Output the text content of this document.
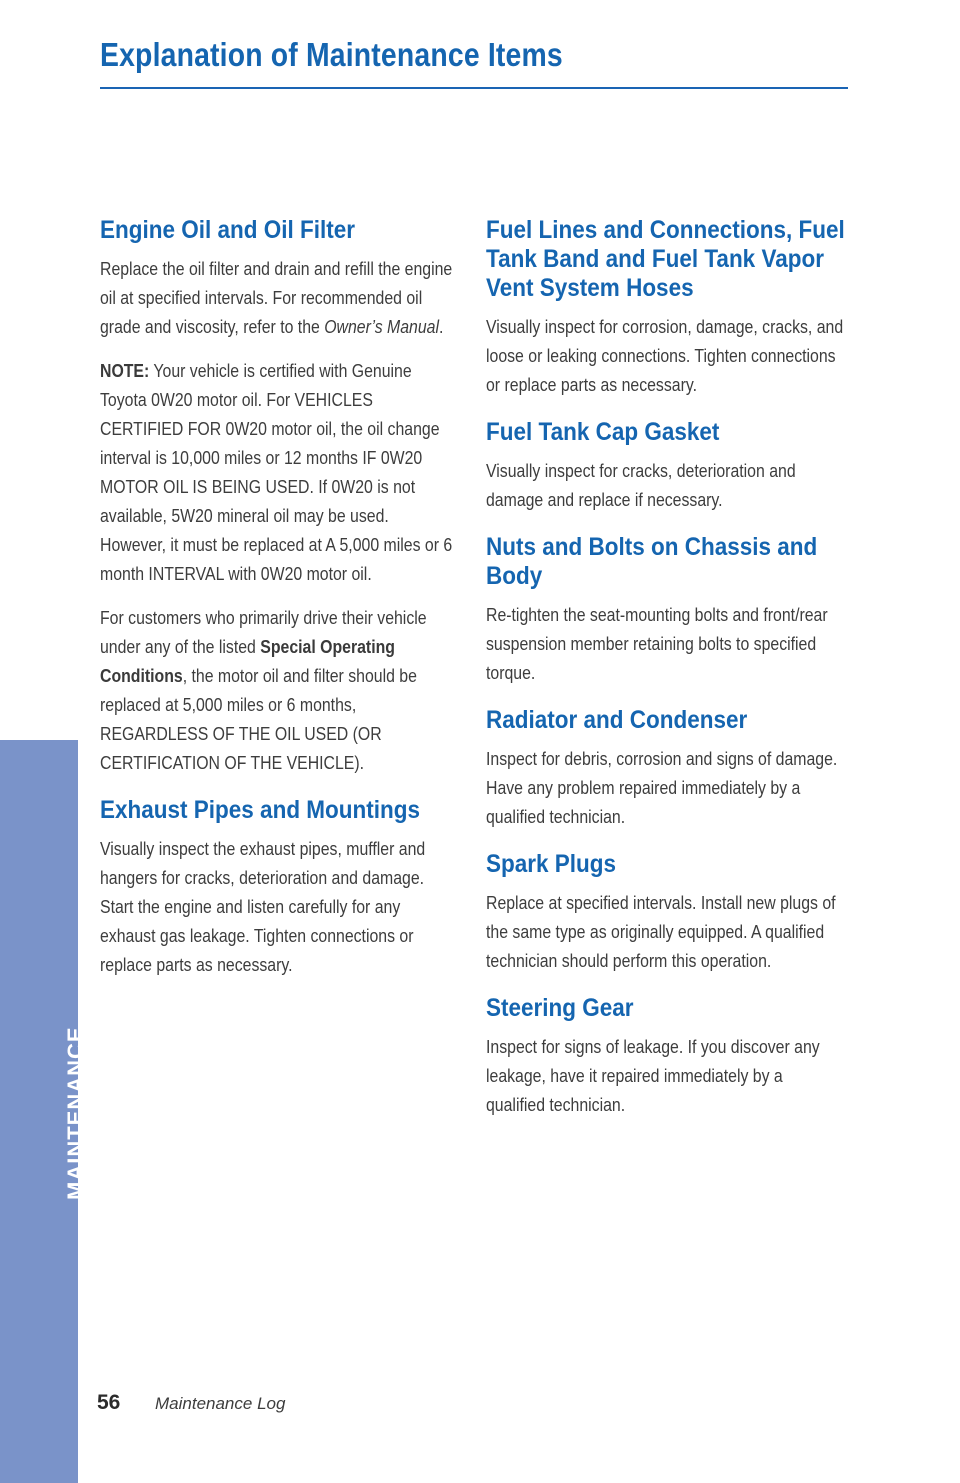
Explanation of Maintenance Items
Engine Oil and Oil Filter

Replace the oil filter and drain and refill the engine oil at specified intervals. For recommended oil grade and viscosity, refer to the Owner’s Manual.

NOTE: Your vehicle is certified with Genuine Toyota 0W20 motor oil. For VEHICLES CERTIFIED FOR 0W20 motor oil, the oil change interval is 10,000 miles or 12 months IF 0W20 MOTOR OIL IS BEING USED. If 0W20 is not available, 5W20 mineral oil may be used. However, it must be replaced at A 5,000 miles or 6 month INTERVAL with 0W20 motor oil.

For customers who primarily drive their vehicle under any of the listed Special Operating Conditions, the motor oil and filter should be replaced at 5,000 miles or 6 months, REGARDLESS OF THE OIL USED (OR CERTIFICATION OF THE VEHICLE).

Exhaust Pipes and Mountings

Visually inspect the exhaust pipes, muffler and hangers for cracks, deterioration and damage. Start the engine and listen carefully for any exhaust gas leakage. Tighten connections or replace parts as necessary.

Fuel Lines and Connections, Fuel Tank Band and Fuel Tank Vapor Vent System Hoses

Visually inspect for corrosion, damage, cracks, and loose or leaking connections. Tighten connections or replace parts as necessary.

Fuel Tank Cap Gasket

Visually inspect for cracks, deterioration and damage and replace if necessary.

Nuts and Bolts on Chassis and Body

Re-tighten the seat-mounting bolts and front/rear suspension member retaining bolts to specified torque.

Radiator and Condenser

Inspect for debris, corrosion and signs of damage. Have any problem repaired immediately by a qualified technician.

Spark Plugs

Replace at specified intervals. Install new plugs of the same type as originally equipped. A qualified technician should perform this operation.

Steering Gear

Inspect for signs of leakage. If you discover any leakage, have it repaired immediately by a qualified technician.

MAINTENANCE
56 Maintenance Log
